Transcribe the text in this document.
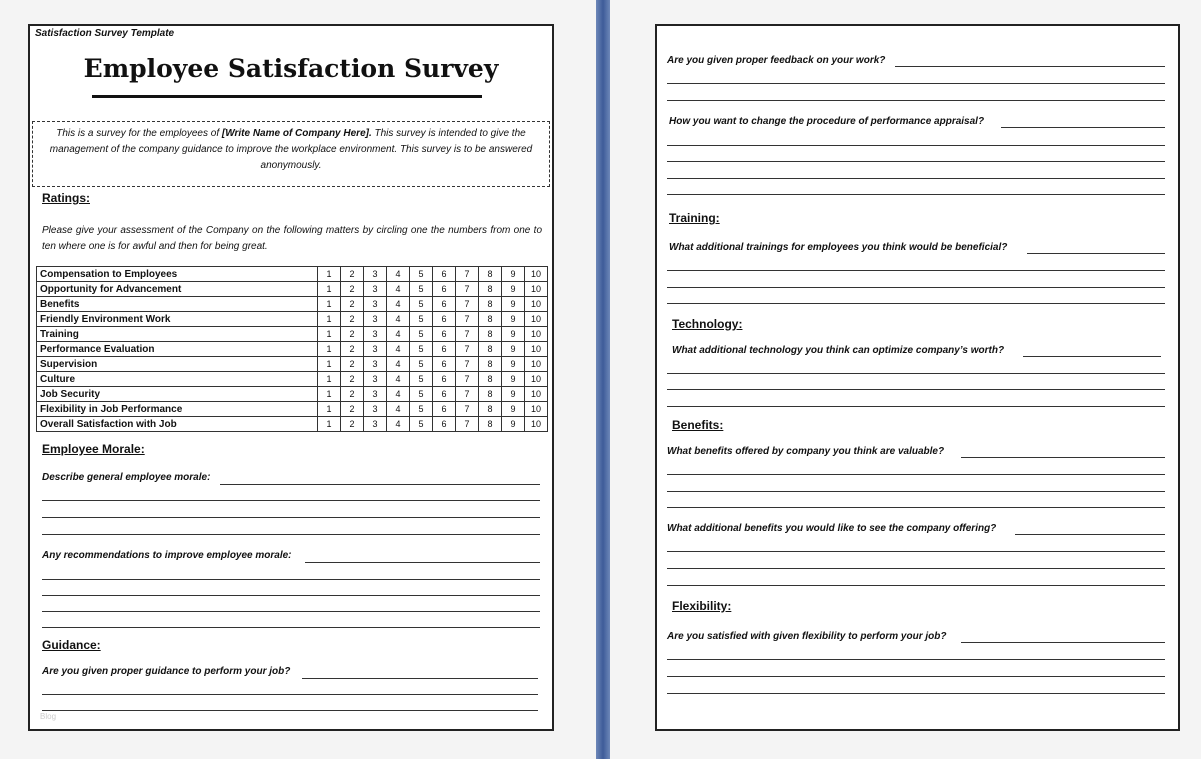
Satisfaction Survey Template
Employee Satisfaction Survey
This is a survey for the employees of [Write Name of Company Here]. This survey is intended to give the management of the company guidance to improve the workplace environment. This survey is to be answered anonymously.
Ratings:
Please give your assessment of the Company on the following matters by circling one the numbers from one to ten where one is for awful and then for being great.
Compensation to Employees	1	2	3	4	5	6	7	8	9	10
Opportunity for Advancement	1	2	3	4	5	6	7	8	9	10
Benefits	1	2	3	4	5	6	7	8	9	10
Friendly Environment Work	1	2	3	4	5	6	7	8	9	10
Training	1	2	3	4	5	6	7	8	9	10
Performance Evaluation	1	2	3	4	5	6	7	8	9	10
Supervision	1	2	3	4	5	6	7	8	9	10
Culture	1	2	3	4	5	6	7	8	9	10
Job Security	1	2	3	4	5	6	7	8	9	10
Flexibility in Job Performance	1	2	3	4	5	6	7	8	9	10
Overall Satisfaction with Job	1	2	3	4	5	6	7	8	9	10
Employee Morale:
Describe general employee morale:
Any recommendations to improve employee morale:
Guidance:
Are you given proper guidance to perform your job?
Blog
Are you given proper feedback on your work?
How you want to change the procedure of performance appraisal?
Training:
What additional trainings for employees you think would be beneficial?
Technology:
What additional technology you think can optimize company’s worth?
Benefits:
What benefits offered by company you think are valuable?
What additional benefits you would like to see the company offering?
Flexibility:
Are you satisfied with given flexibility to perform your job?
